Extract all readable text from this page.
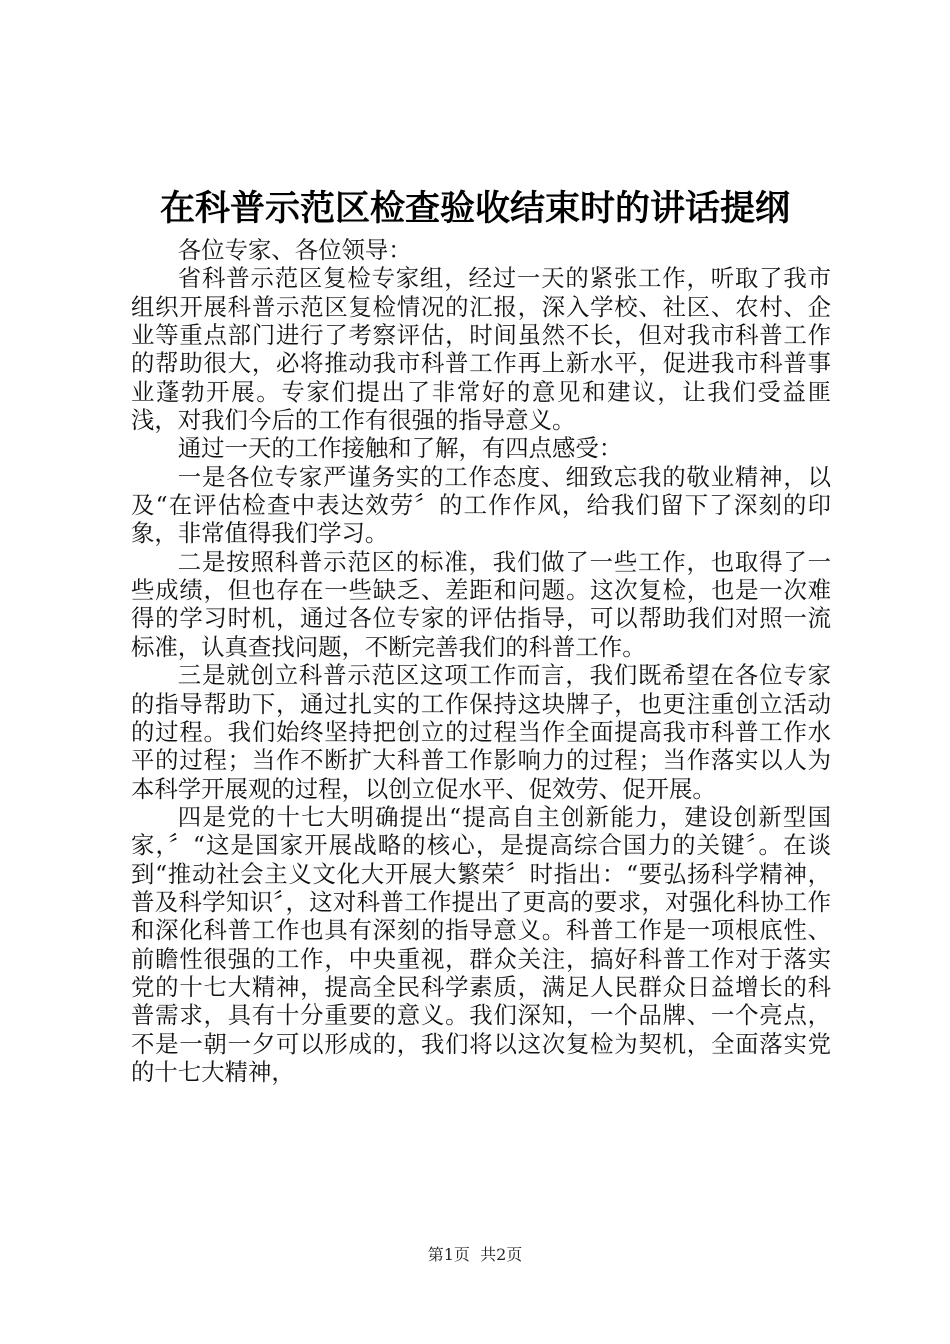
在科普示范区检查验收结束时的讲话提纲

各位专家、各位领导：

省科普示范区复检专家组，经过一天的紧张工作，听取了我市组织开展科普示范区复检情况的汇报，深入学校、社区、农村、企业等重点部门进行了考察评估，时间虽然不长，但对我市科普工作的帮助很大，必将推动我市科普工作再上新水平，促进我市科普事业蓬勃开展。专家们提出了非常好的意见和建议，让我们受益匪浅，对我们今后的工作有很强的指导意义。

通过一天的工作接触和了解，有四点感受：

一是各位专家严谨务实的工作态度、细致忘我的敬业精神，以及“在评估检查中表达效劳〞的工作作风，给我们留下了深刻的印象，非常值得我们学习。

二是按照科普示范区的标准，我们做了一些工作，也取得了一些成绩，但也存在一些缺乏、差距和问题。这次复检，也是一次难得的学习时机，通过各位专家的评估指导，可以帮助我们对照一流标准，认真查找问题，不断完善我们的科普工作。

三是就创立科普示范区这项工作而言，我们既希望在各位专家的指导帮助下，通过扎实的工作保持这块牌子，也更注重创立活动的过程。我们始终坚持把创立的过程当作全面提高我市科普工作水平的过程；当作不断扩大科普工作影响力的过程；当作落实以人为本科学开展观的过程，以创立促水平、促效劳、促开展。

四是党的十七大明确提出“提高自主创新能力，建设创新型国家，〞“这是国家开展战略的核心，是提高综合国力的关键〞。在谈到“推动社会主义文化大开展大繁荣〞时指出：“要弘扬科学精神，普及科学知识〞，这对科普工作提出了更高的要求，对强化科协工作和深化科普工作也具有深刻的指导意义。科普工作是一项根底性、前瞻性很强的工作，中央重视，群众关注，搞好科普工作对于落实党的十七大精神，提高全民科学素质，满足人民群众日益增长的科普需求，具有十分重要的意义。我们深知，一个品牌、一个亮点，不是一朝一夕可以形成的，我们将以这次复检为契机，全面落实党的十七大精神，

第1页  共2页
